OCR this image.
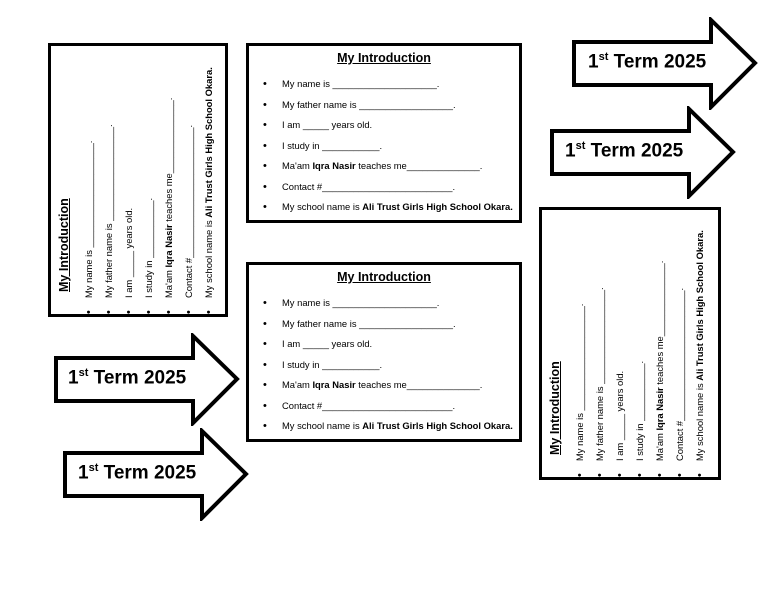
My Introduction	• My name is ____________________. • My father name is __________________. • I am _____ years old. • I study in ___________. • Ma'am Iqra Nasir teaches me______________. • Contact #_________________________. • My school name is Ali Trust Girls High School Okara.

My Introduction

• My name is ____________________.
• My father name is __________________.
• I am _____ years old.
• I study in ___________.
• Ma'am Iqra Nasir teaches me______________.
• Contact #_________________________.
• My school name is Ali Trust Girls High School Okara.

My Introduction

• My name is ____________________.
• My father name is __________________.
• I am _____ years old.
• I study in ___________.
• Ma'am Iqra Nasir teaches me______________.
• Contact #_________________________.
• My school name is Ali Trust Girls High School Okara.	My Introduction	• My name is ____________________. • My father name is __________________. • I am _____ years old. • I study in ___________. • Ma'am Iqra Nasir teaches me______________. • Contact #_________________________. • My school name is Ali Trust Girls High School Okara.
1st Term 2025
1st Term 2025
1st Term 2025
1st Term 2025
